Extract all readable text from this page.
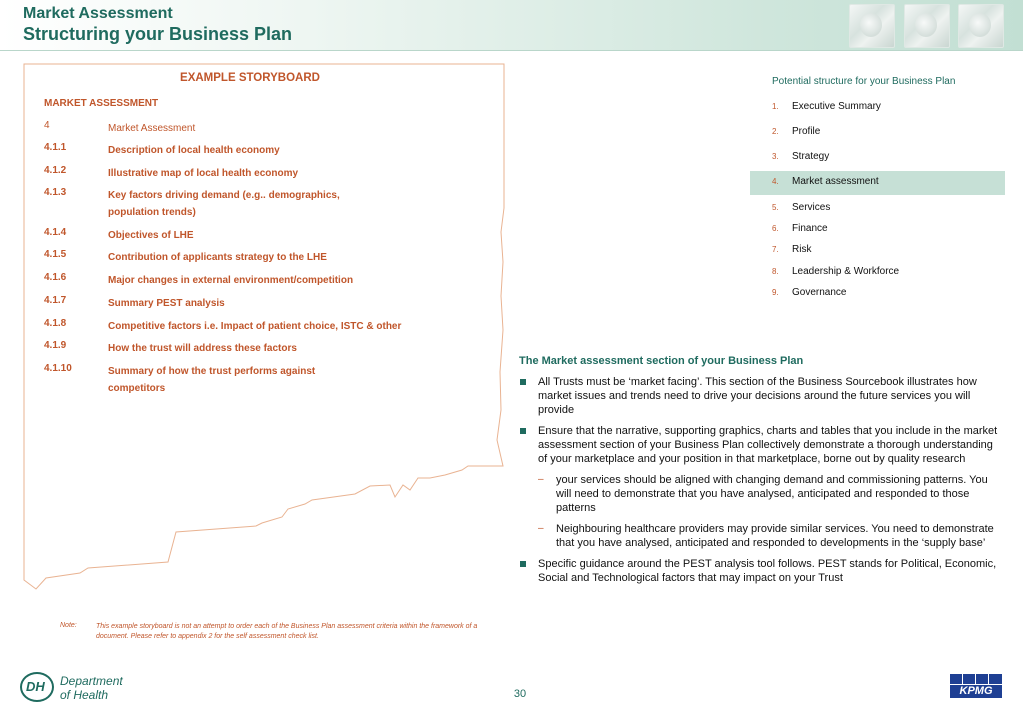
Market Assessment
Structuring your Business Plan
EXAMPLE STORYBOARD
MARKET ASSESSMENT
4	Market Assessment
4.1.1	Description of local health economy
4.1.2	Illustrative map of local health economy
4.1.3	Key factors driving demand (e.g.. demographics, population trends)
4.1.4	Objectives of LHE
4.1.5	Contribution of applicants strategy to the LHE
4.1.6	Major changes in external environment/competition
4.1.7	Summary PEST analysis
4.1.8	Competitive factors i.e. Impact of patient choice, ISTC & other
4.1.9	How the trust will address these factors
4.1.10	Summary of how the trust performs against competitors
Note:	This example storyboard is not an attempt to order each of the Business Plan assessment criteria within the framework of a document. Please refer to appendix 2 for the self assessment check list.
Potential structure for your Business Plan
1. Executive Summary
2. Profile
3. Strategy
4. Market assessment
5. Services
6. Finance
7. Risk
8. Leadership & Workforce
9. Governance
The Market assessment section of your Business Plan
All Trusts must be ‘market facing’. This section of the Business Sourcebook illustrates how market issues and trends need to drive your decisions around the future services you will provide
Ensure that the narrative, supporting graphics, charts and tables that you include in the market assessment section of your Business Plan collectively demonstrate a thorough understanding of your marketplace and your position in that marketplace, borne out by quality research
– your services should be aligned with changing demand and commissioning patterns. You will need to demonstrate that you have analysed, anticipated and responded to those patterns
– Neighbouring healthcare providers may provide similar services. You need to demonstrate that you have analysed, anticipated and responded to developments in the ‘supply base’
Specific guidance around the PEST analysis tool follows. PEST stands for Political, Economic, Social and Technological factors that may impact on your Trust
DH Department
of Health	30	KPMG
